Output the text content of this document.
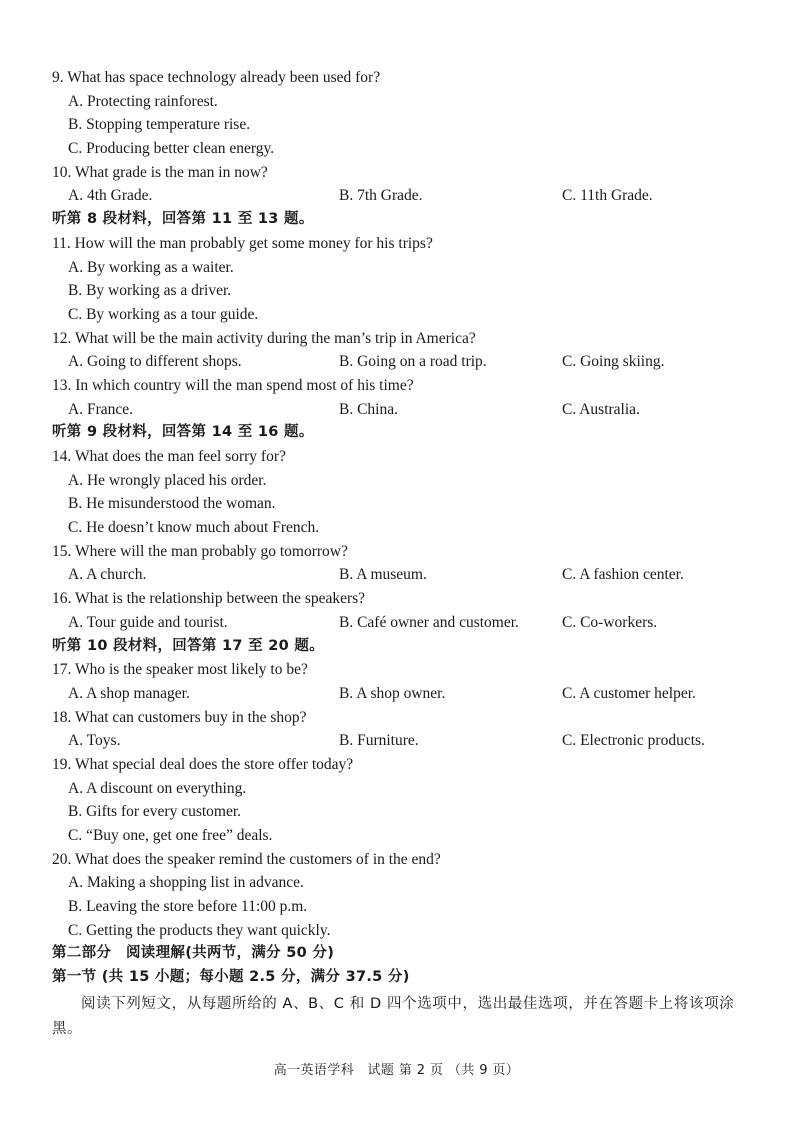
9. What has space technology already been used for?
A. Protecting rainforest.
B. Stopping temperature rise.
C. Producing better clean energy.
10. What grade is the man in now?
A. 4th Grade.	B. 7th Grade.	C. 11th Grade.
听第 8 段材料，回答第 11 至 13 题。
11. How will the man probably get some money for his trips?
A. By working as a waiter.
B. By working as a driver.
C. By working as a tour guide.
12. What will be the main activity during the man’s trip in America?
A. Going to different shops.	B. Going on a road trip.	C. Going skiing.
13. In which country will the man spend most of his time?
A. France.	B. China.	C. Australia.
听第 9 段材料，回答第 14 至 16 题。
14. What does the man feel sorry for?
A. He wrongly placed his order.
B. He misunderstood the woman.
C. He doesn’t know much about French.
15. Where will the man probably go tomorrow?
A. A church.	B. A museum.	C. A fashion center.
16. What is the relationship between the speakers?
A. Tour guide and tourist.	B. Café owner and customer.	C. Co-workers.
听第 10 段材料，回答第 17 至 20 题。
17. Who is the speaker most likely to be?
A. A shop manager.	B. A shop owner.	C. A customer helper.
18. What can customers buy in the shop?
A. Toys.	B. Furniture.	C. Electronic products.
19. What special deal does the store offer today?
A. A discount on everything.
B. Gifts for every customer.
C. “Buy one, get one free” deals.
20. What does the speaker remind the customers of in the end?
A. Making a shopping list in advance.
B. Leaving the store before 11:00 p.m.
C. Getting the products they want quickly.
第二部分　阅读理解(共两节，满分 50 分)
第一节 (共 15 小题；每小题 2.5 分，满分 37.5 分)
阅读下列短文，从每题所给的 A、B、C 和 D 四个选项中，选出最佳选项，并在答题卡上将该项涂黑。
高一英语学科　试题 第 2 页 （共 9 页）
